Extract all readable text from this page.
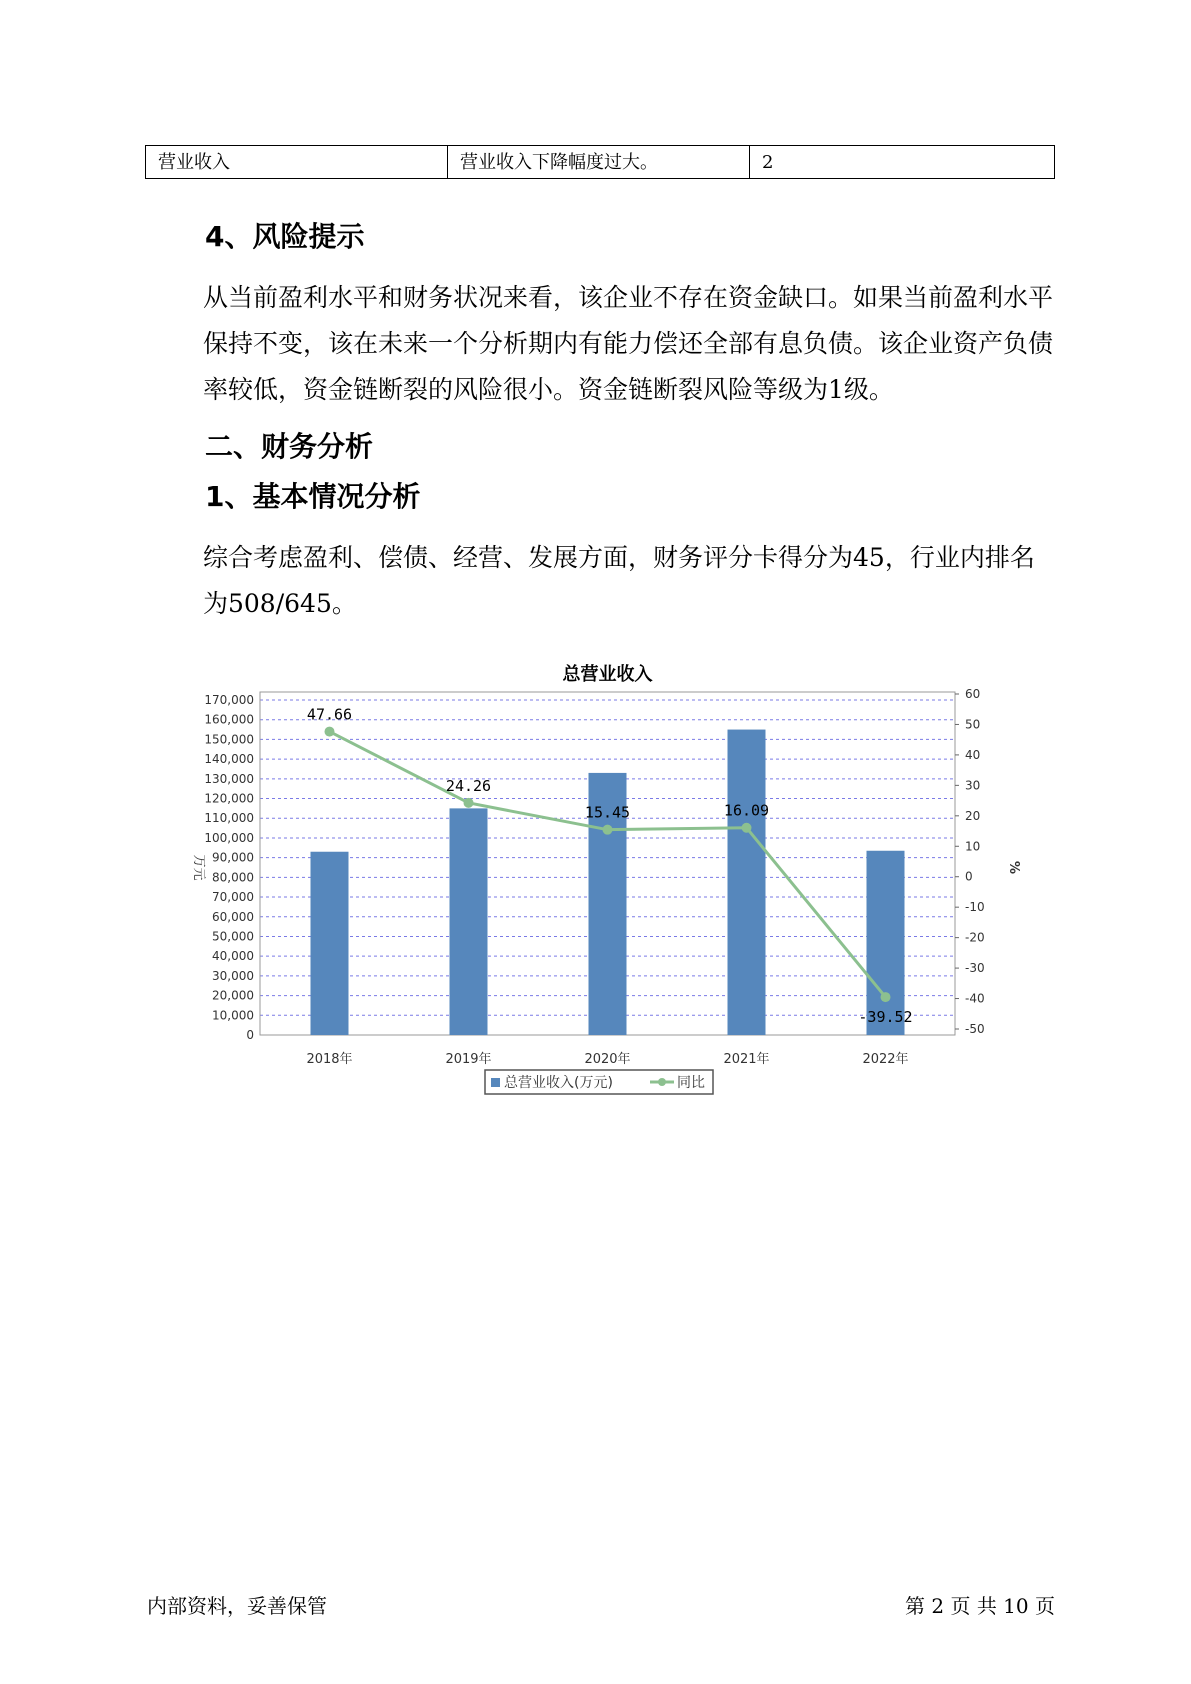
营业收入	营业收入下降幅度过大。	2
4、风险提示
从当前盈利水平和财务状况来看，该企业不存在资金缺口。如果当前盈利水平保持不变，该在未来一个分析期内有能力偿还全部有息负债。该企业资产负债率较低，资金链断裂的风险很小。资金链断裂风险等级为1级。
二、财务分析
1、基本情况分析
综合考虑盈利、偿债、经营、发展方面，财务评分卡得分为45，行业内排名为508/645。
总营业收入
0
10,000
20,000
30,000
40,000
50,000
60,000
70,000
80,000
90,000
100,000
110,000
120,000
130,000
140,000
150,000
160,000
170,000
-50
-40
-30
-20
-10
0
10
20
30
40
50
60
万元	%
2018年	2019年	2020年	2021年	2022年
47.66
24.26
15.45	16.09
-39.52
总营业收入(万元)	同比
内部资料，妥善保管	第 2 页 共 10 页
